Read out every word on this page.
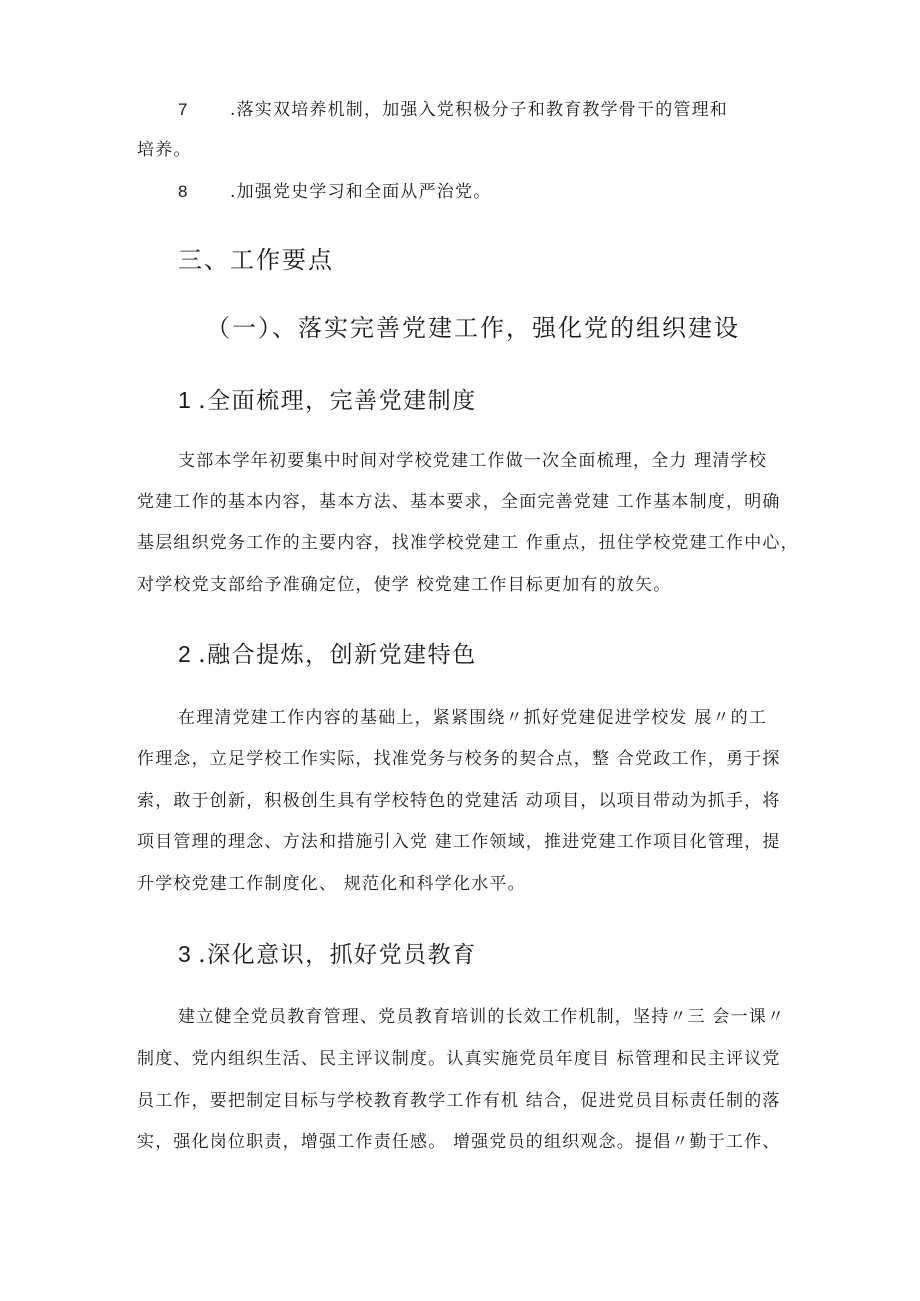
7 .落实双培养机制，加强入党积极分子和教育教学骨干的管理和
培养。
8 .加强党史学习和全面从严治党。
三、工作要点
（一）、落实完善党建工作，强化党的组织建设
1 .全面梳理，完善党建制度
支部本学年初要集中时间对学校党建工作做一次全面梳理，全力 理清学校
党建工作的基本内容，基本方法、基本要求，全面完善党建 工作基本制度，明确
基层组织党务工作的主要内容，找准学校党建工 作重点，扭住学校党建工作中心，
对学校党支部给予准确定位，使学 校党建工作目标更加有的放矢。
2 .融合提炼，创新党建特色
在理清党建工作内容的基础上，紧紧围绕〃抓好党建促进学校发 展〃的工
作理念，立足学校工作实际，找准党务与校务的契合点，整 合党政工作，勇于探
索，敢于创新，积极创生具有学校特色的党建活 动项目，以项目带动为抓手，将
项目管理的理念、方法和措施引入党 建工作领域，推进党建工作项目化管理，提
升学校党建工作制度化、 规范化和科学化水平。
3 .深化意识，抓好党员教育
建立健全党员教育管理、党员教育培训的长效工作机制，坚持〃三 会一课〃
制度、党内组织生活、民主评议制度。认真实施党员年度目 标管理和民主评议党
员工作，要把制定目标与学校教育教学工作有机 结合，促进党员目标责任制的落
实，强化岗位职责，增强工作责任感。 增强党员的组织观念。提倡〃勤于工作、
